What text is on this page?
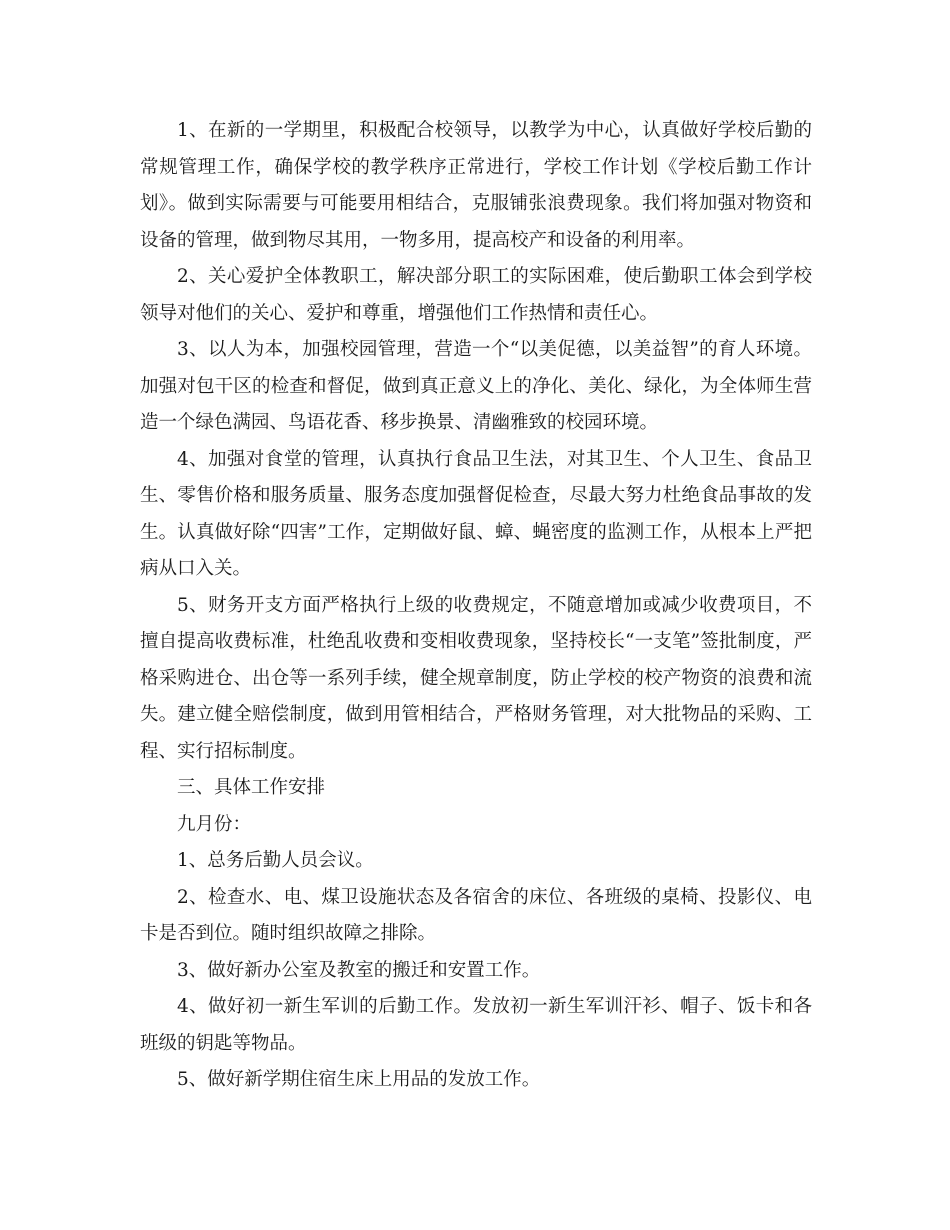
1、在新的一学期里，积极配合校领导，以教学为中心，认真做好学校后勤的常规管理工作，确保学校的教学秩序正常进行，学校工作计划《学校后勤工作计划》。做到实际需要与可能要用相结合，克服铺张浪费现象。我们将加强对物资和设备的管理，做到物尽其用，一物多用，提高校产和设备的利用率。

2、关心爱护全体教职工，解决部分职工的实际困难，使后勤职工体会到学校领导对他们的关心、爱护和尊重，增强他们工作热情和责任心。

3、以人为本，加强校园管理，营造一个“以美促德，以美益智”的育人环境。加强对包干区的检查和督促，做到真正意义上的净化、美化、绿化，为全体师生营造一个绿色满园、鸟语花香、移步换景、清幽雅致的校园环境。

4、加强对食堂的管理，认真执行食品卫生法，对其卫生、个人卫生、食品卫生、零售价格和服务质量、服务态度加强督促检查，尽最大努力杜绝食品事故的发生。认真做好除“四害”工作，定期做好鼠、蟑、蝇密度的监测工作，从根本上严把病从口入关。

5、财务开支方面严格执行上级的收费规定，不随意增加或减少收费项目，不擅自提高收费标准，杜绝乱收费和变相收费现象，坚持校长“一支笔”签批制度，严格采购进仓、出仓等一系列手续，健全规章制度，防止学校的校产物资的浪费和流失。建立健全赔偿制度，做到用管相结合，严格财务管理，对大批物品的采购、工程、实行招标制度。

三、具体工作安排

九月份：

1、总务后勤人员会议。

2、检查水、电、煤卫设施状态及各宿舍的床位、各班级的桌椅、投影仪、电卡是否到位。随时组织故障之排除。

3、做好新办公室及教室的搬迁和安置工作。

4、做好初一新生军训的后勤工作。发放初一新生军训汗衫、帽子、饭卡和各班级的钥匙等物品。

5、做好新学期住宿生床上用品的发放工作。
